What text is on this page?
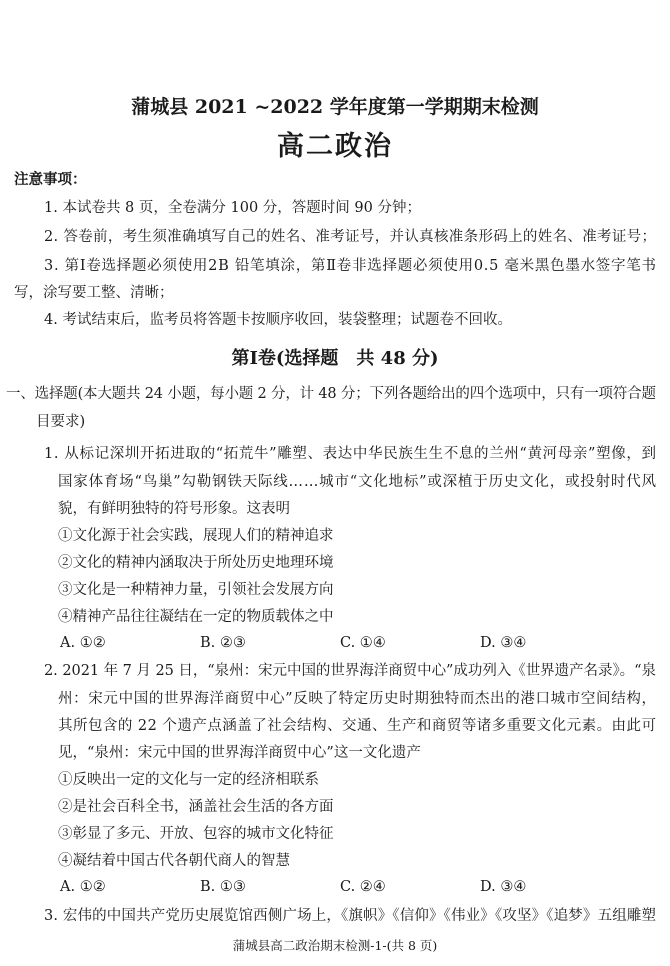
蒲城县 2021 ~2022 学年度第一学期期末检测
高二政治
注意事项：
1. 本试卷共 8 页，全卷满分 100 分，答题时间 90 分钟；
2. 答卷前，考生须准确填写自己的姓名、准考证号，并认真核准条形码上的姓名、准考证号；
3. 第Ⅰ卷选择题必须使用2B 铅笔填涂，第Ⅱ卷非选择题必须使用0.5 毫米黑色墨水签字笔书
写，涂写要工整、清晰；
4. 考试结束后，监考员将答题卡按顺序收回，装袋整理；试题卷不回收。
第Ⅰ卷(选择题　共 48 分)
一、选择题(本大题共 24 小题，每小题 2 分，计 48 分；下列各题给出的四个选项中，只有一项符合题
目要求)
1. 从标记深圳开拓进取的“拓荒牛”雕塑、表达中华民族生生不息的兰州“黄河母亲”塑像，到
国家体育场“鸟巢”勾勒钢铁天际线……城市“文化地标”或深植于历史文化，或投射时代风
貌，有鲜明独特的符号形象。这表明
①文化源于社会实践，展现人们的精神追求
②文化的精神内涵取决于所处历史地理环境
③文化是一种精神力量，引领社会发展方向
④精神产品往往凝结在一定的物质载体之中
A. ①②	B. ②③	C. ①④	D. ③④
2. 2021 年 7 月 25 日，“泉州：宋元中国的世界海洋商贸中心”成功列入《世界遗产名录》。“泉
州：宋元中国的世界海洋商贸中心”反映了特定历史时期独特而杰出的港口城市空间结构，
其所包含的 22 个遗产点涵盖了社会结构、交通、生产和商贸等诸多重要文化元素。由此可
见，“泉州：宋元中国的世界海洋商贸中心”这一文化遗产
①反映出一定的文化与一定的经济相联系
②是社会百科全书，涵盖社会生活的各方面
③彰显了多元、开放、包容的城市文化特征
④凝结着中国古代各朝代商人的智慧
A. ①②	B. ①③	C. ②④	D. ③④
3. 宏伟的中国共产党历史展览馆西侧广场上，《旗帜》《信仰》《伟业》《攻坚》《追梦》五组雕塑
蒲城县高二政治期末检测-1-(共 8 页)
